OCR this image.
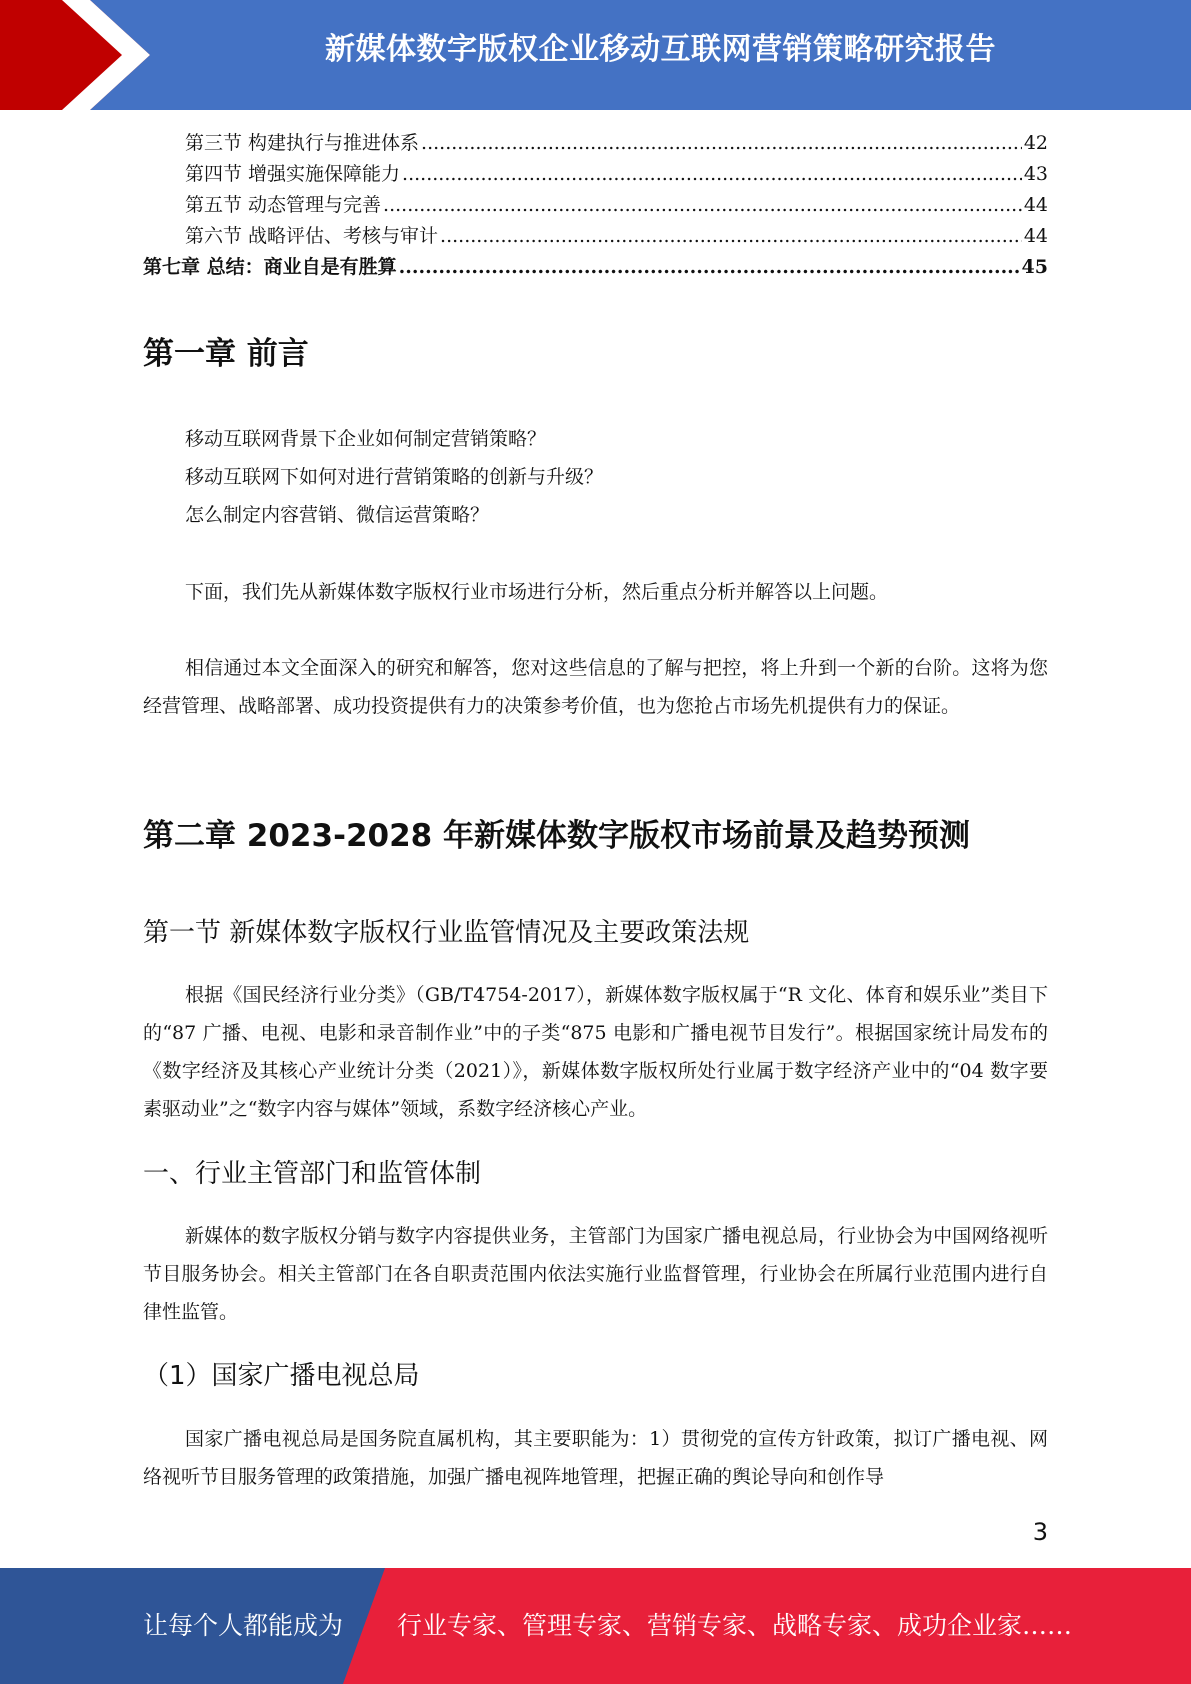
新媒体数字版权企业移动互联网营销策略研究报告
第三节 构建执行与推进体系 .....	42
第四节 增强实施保障能力 .....	43
第五节 动态管理与完善 .....	44
第六节 战略评估、考核与审计 .....	44
第七章 总结：商业自是有胜算 .....	45
第一章 前言

移动互联网背景下企业如何制定营销策略？

移动互联网下如何对进行营销策略的创新与升级？

怎么制定内容营销、微信运营策略？

下面，我们先从新媒体数字版权行业市场进行分析，然后重点分析并解答以上问题。

相信通过本文全面深入的研究和解答，您对这些信息的了解与把控，将上升到一个新的台阶。这将为您经营管理、战略部署、成功投资提供有力的决策参考价值，也为您抢占市场先机提供有力的保证。

第二章 2023-2028 年新媒体数字版权市场前景及趋势预测
第一节 新媒体数字版权行业监管情况及主要政策法规

根据《国民经济行业分类》（GB/T4754-2017），新媒体数字版权属于“R 文化、体育和娱乐业”类目下的“87 广播、电视、电影和录音制作业”中的子类“875 电影和广播电视节目发行”。根据国家统计局发布的《数字经济及其核心产业统计分类（2021）》，新媒体数字版权所处行业属于数字经济产业中的“04 数字要素驱动业”之“数字内容与媒体”领域，系数字经济核心产业。

一、行业主管部门和监管体制

新媒体的数字版权分销与数字内容提供业务，主管部门为国家广播电视总局，行业协会为中国网络视听节目服务协会。相关主管部门在各自职责范围内依法实施行业监督管理，行业协会在所属行业范围内进行自律性监管。

（1）国家广播电视总局

国家广播电视总局是国务院直属机构，其主要职能为：1）贯彻党的宣传方针政策，拟订广播电视、网络视听节目服务管理的政策措施，加强广播电视阵地管理，把握正确的舆论导向和创作导

3
让每个人都能成为 行业专家、管理专家、营销专家、战略专家、成功企业家……
